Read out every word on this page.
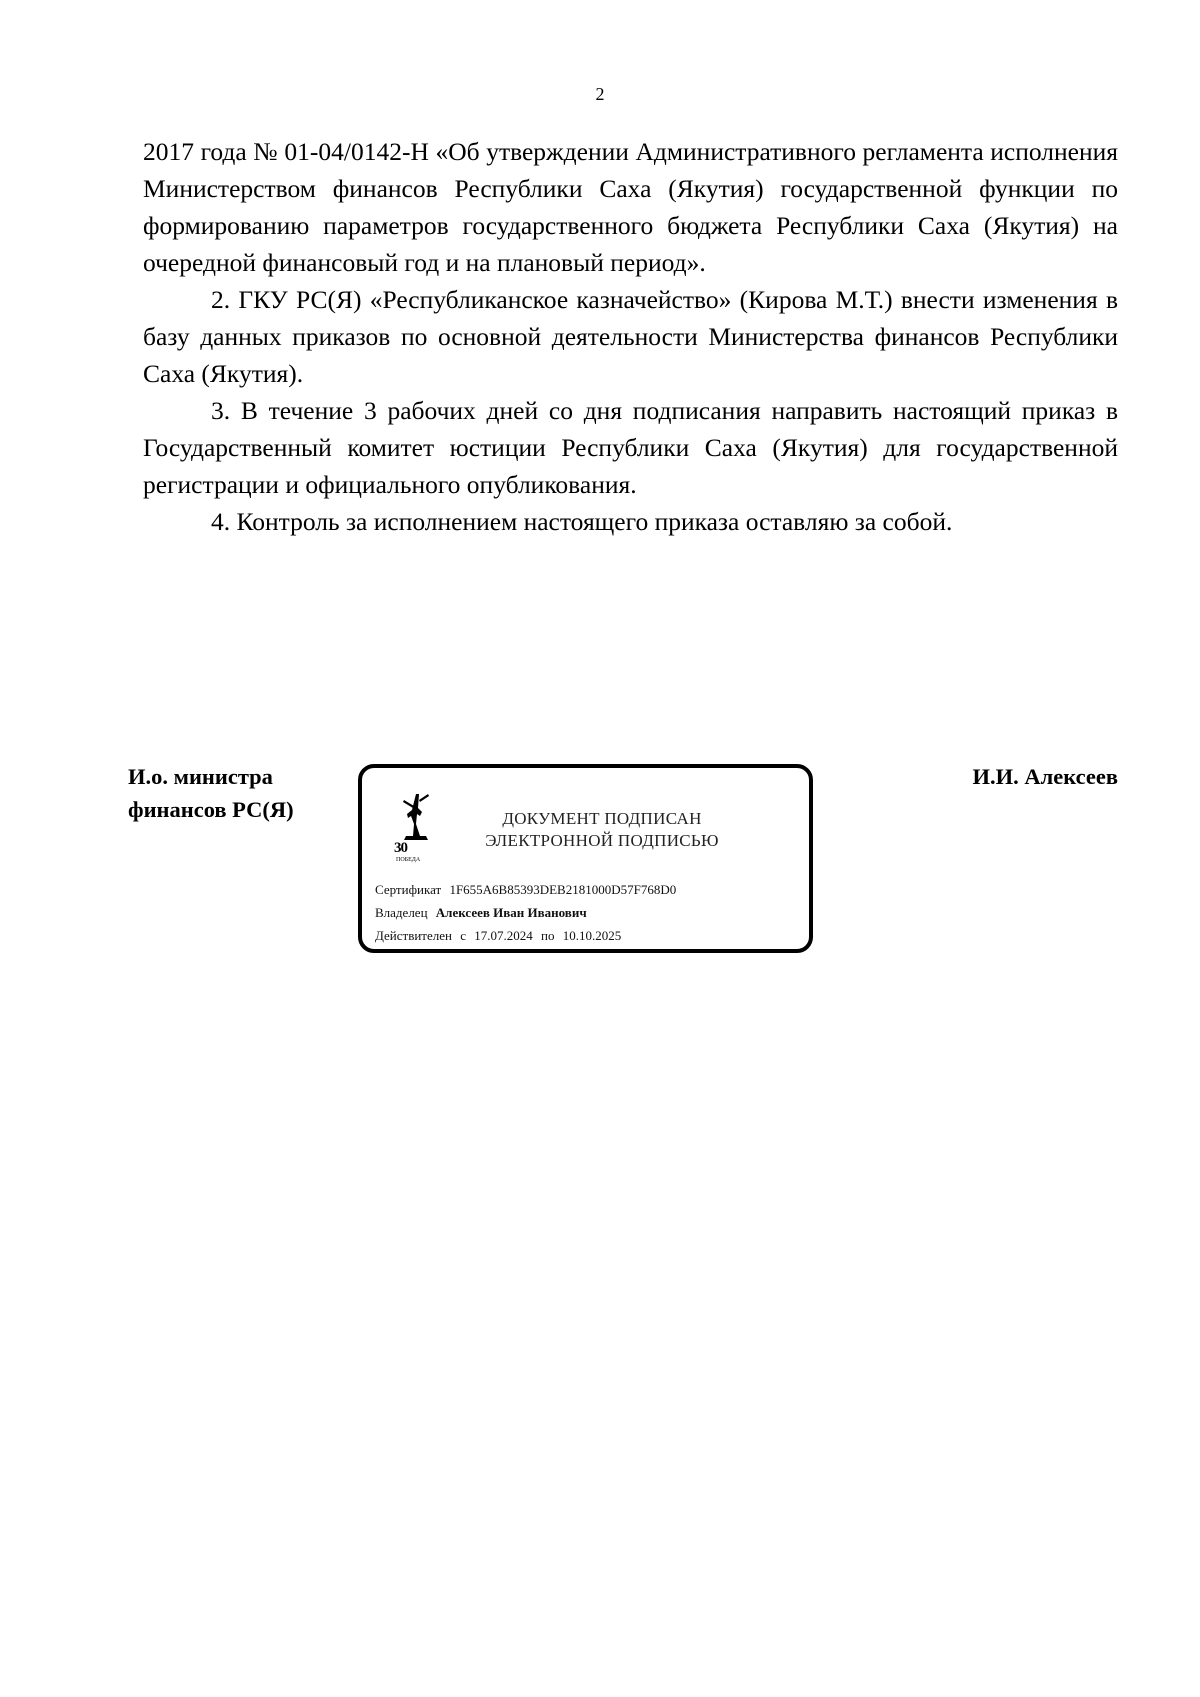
2

2017 года № 01-04/0142-Н «Об утверждении Административного регламента исполнения Министерством финансов Республики Саха (Якутия) государственной функции по формированию параметров государственного бюджета Республики Саха (Якутия) на очередной финансовый год и на плановый период».

2. ГКУ РС(Я) «Республиканское казначейство» (Кирова М.Т.) внести изменения в базу данных приказов по основной деятельности Министерства финансов Республики Саха (Якутия).

3. В течение 3 рабочих дней со дня подписания направить настоящий приказ в Государственный комитет юстиции Республики Саха (Якутия) для государственной регистрации и официального опубликования.

4. Контроль за исполнением настоящего приказа оставляю за собой.

И.о. министра
финансов РС(Я)
И.И. Алексеев
30
ПОБЕДА
ДОКУМЕНТ ПОДПИСАН
ЭЛЕКТРОННОЙ ПОДПИСЬЮ
Сертификат 1F655A6B85393DEB2181000D57F768D0
Владелец Алексеев Иван Иванович
Действителен с 17.07.2024 по 10.10.2025
